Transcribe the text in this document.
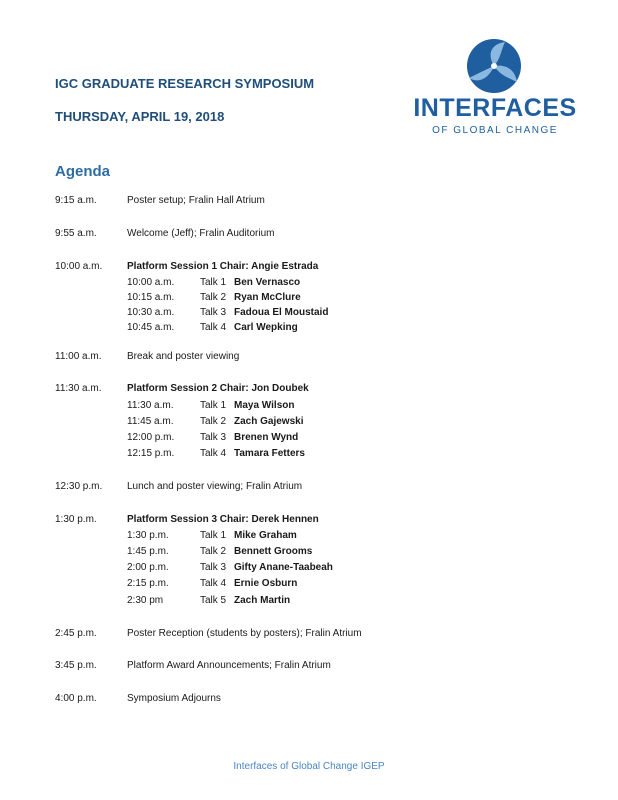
IGC GRADUATE RESEARCH SYMPOSIUM
THURSDAY, APRIL 19, 2018	INTERFACES
OF GLOBAL CHANGE
Agenda
9:15 a.m.	Poster setup; Fralin Hall Atrium
9:55 a.m.	Welcome (Jeff); Fralin Auditorium
10:00 a.m. Platform Session 1 Chair: Angie Estrada
10:00 a.m.	Talk 1 Ben Vernasco
10:15 a.m.	Talk 2 Ryan McClure
10:30 a.m.	Talk 3 Fadoua El Moustaid
10:45 a.m.	Talk 4 Carl Wepking
11:00 a.m.	Break and poster viewing
11:30 a.m.	Platform Session 2 Chair: Jon Doubek
11:30 a.m.	Talk 1 Maya Wilson
11:45 a.m.	Talk 2 Zach Gajewski
12:00 p.m.	Talk 3 Brenen Wynd
12:15 p.m.	Talk 4 Tamara Fetters
12:30 p.m. Lunch and poster viewing; Fralin Atrium
1:30 p.m.	Platform Session 3 Chair: Derek Hennen
1:30 p.m.	Talk 1 Mike Graham
1:45 p.m.	Talk 2 Bennett Grooms
2:00 p.m.	Talk 3 Gifty Anane-Taabeah
2:15 p.m.	Talk 4 Ernie Osburn
2:30 pm	Talk 5 Zach Martin
2:45 p.m.	Poster Reception (students by posters); Fralin Atrium
3:45 p.m.	Platform Award Announcements; Fralin Atrium
4:00 p.m.	Symposium Adjourns
Interfaces of Global Change IGEP
